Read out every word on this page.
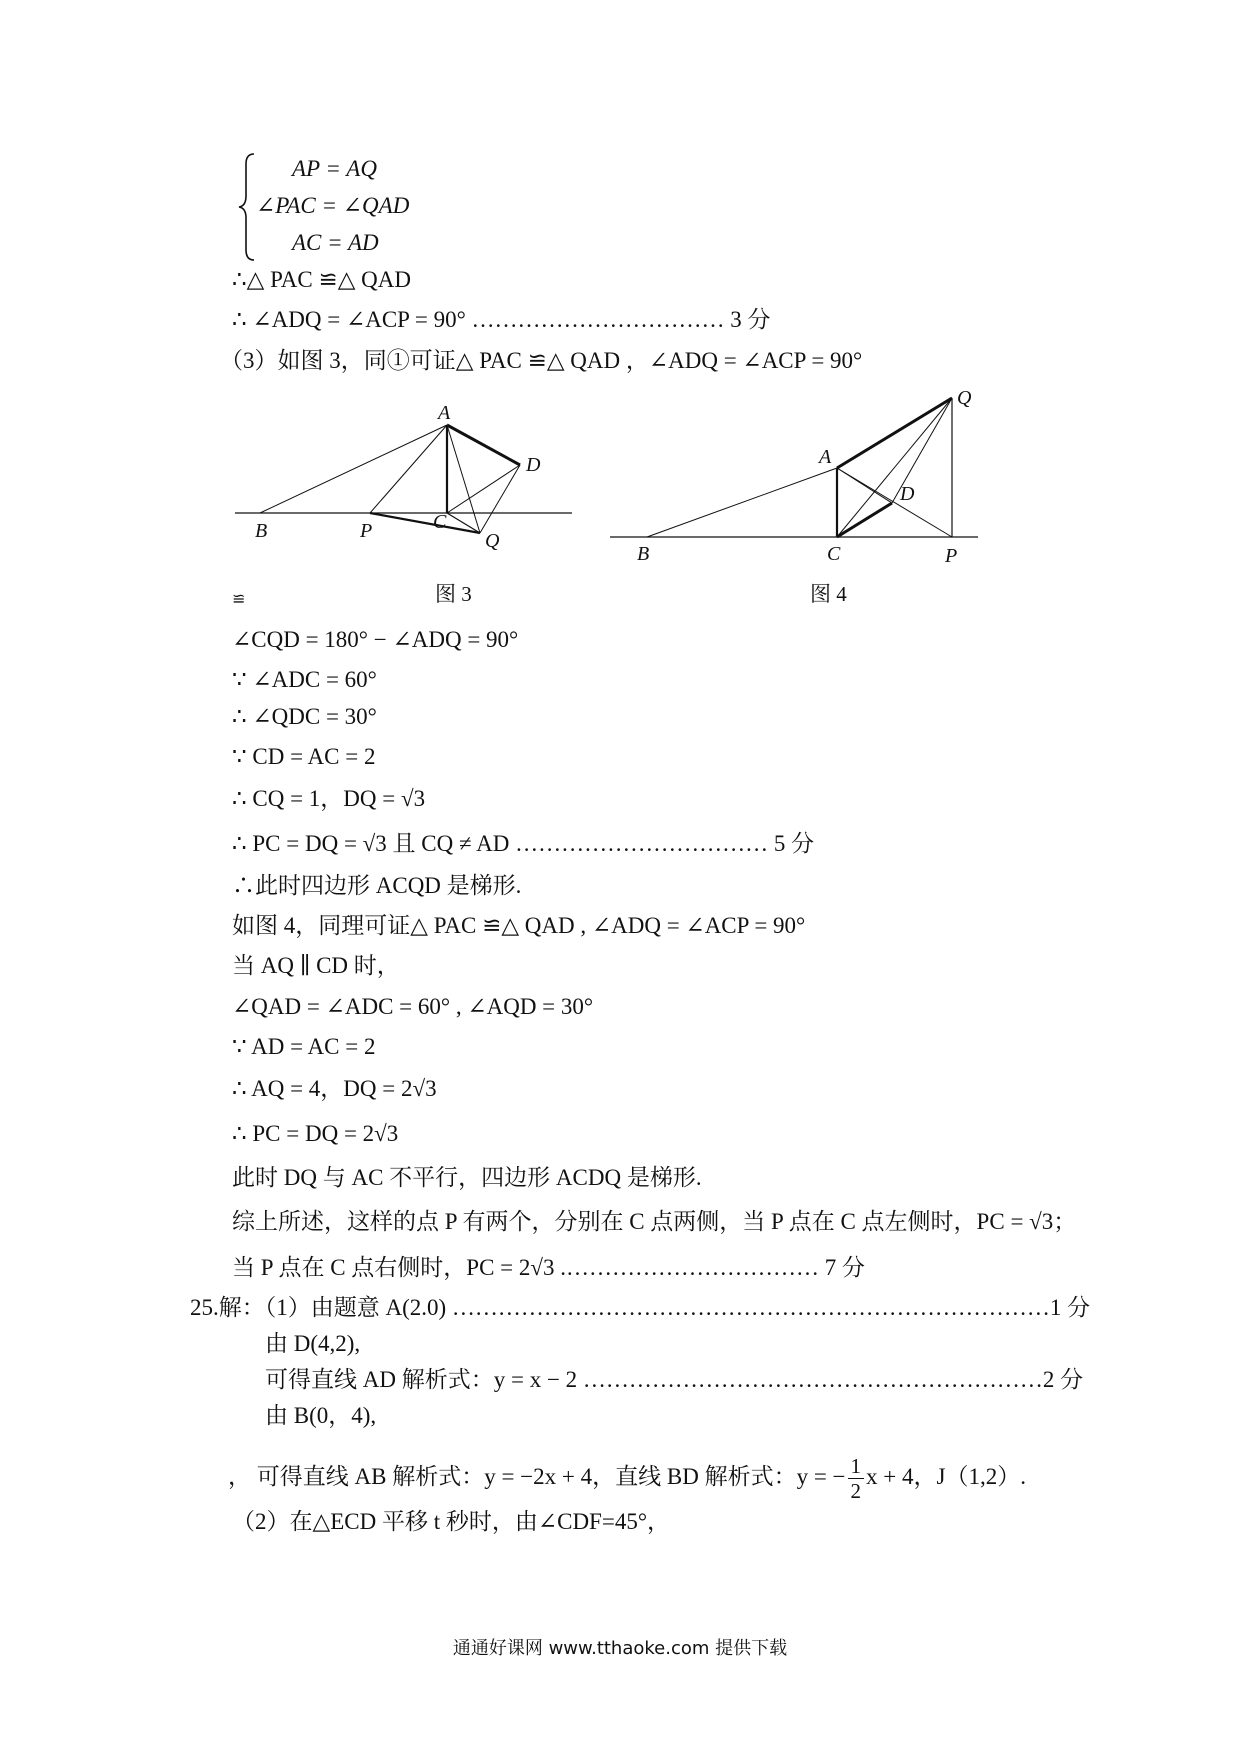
AP = AQ
∠PAC = ∠QAD
AC = AD
∴△ PAC ≌△ QAD
∴ ∠ADQ = ∠ACP = 90° …………………………… 3 分
（3）如图 3，同①可证△ PAC ≌△ QAD ，∠ADQ = ∠ACP = 90°
A
B	P	C
D
Q
图 3
A
B	C
D
P
Q
图 4
≌
∠CQD = 180° − ∠ADQ = 90°
∵ ∠ADC = 60°
∴ ∠QDC = 30°
∵ CD = AC = 2
∴ CQ = 1，DQ = √3
∴ PC = DQ = √3 且 CQ ≠ AD …………………………… 5 分
∴此时四边形 ACQD 是梯形.
如图 4，同理可证△ PAC ≌△ QAD , ∠ADQ = ∠ACP = 90°
当 AQ ∥ CD 时，
∠QAD = ∠ADC = 60° , ∠AQD = 30°
∵ AD = AC = 2
∴ AQ = 4，DQ = 2√3
∴ PC = DQ = 2√3
此时 DQ 与 AC 不平行，四边形 ACDQ 是梯形.
综上所述，这样的点 P 有两个，分别在 C 点两侧，当 P 点在 C 点左侧时，PC = √3；
当 P 点在 C 点右侧时，PC = 2√3 .…………………………… 7 分
25.解：（1）由题意 A(2.0) ……………………………………………………………………1 分
由 D(4,2),
可得直线 AD 解析式：y = x − 2 ……………………………………………………2 分
由 B(0，4),
， 可得直线 AB 解析式：y = −2x + 4，直线 BD 解析式：y = − $\frac{1}{2}$ x + 4，J（1,2）.
（2）在△ECD 平移 t 秒时，由∠CDF=45°，
通通好课网 www.tthaoke.com 提供下载
